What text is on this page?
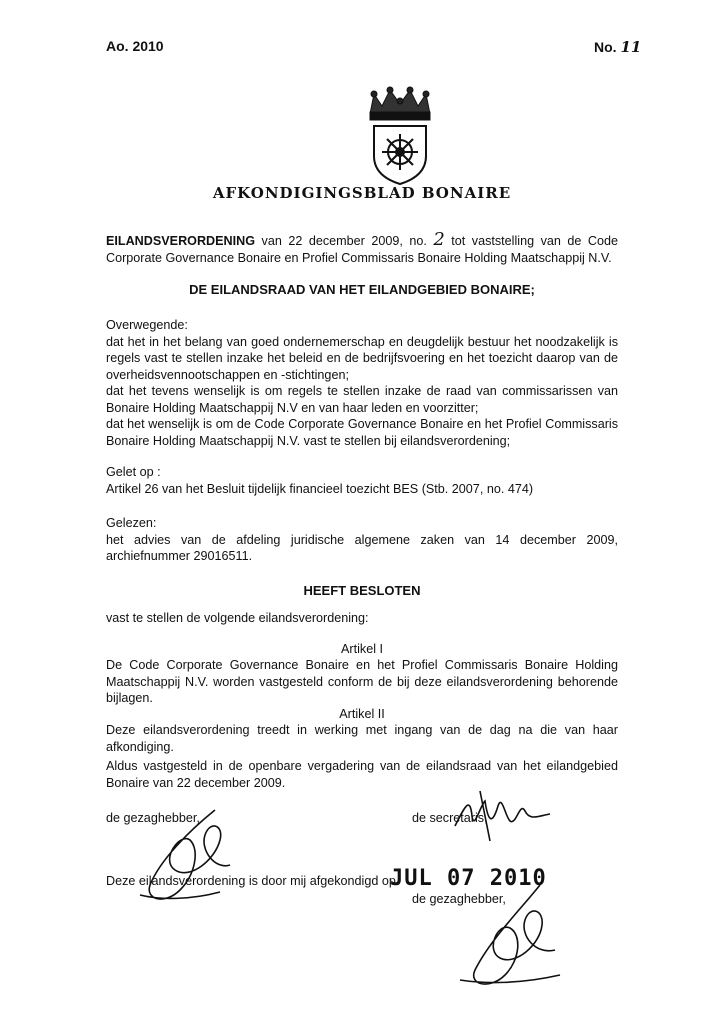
Ao. 2010	No. 11
AFKONDIGINGSBLAD BONAIRE
EILANDSVERORDENING van 22 december 2009, no. 2 tot vaststelling van de Code Corporate Governance Bonaire en Profiel Commissaris Bonaire Holding Maatschappij N.V.
DE EILANDSRAAD VAN HET EILANDGEBIED BONAIRE;
Overwegende:
dat het in het belang van goed ondernemerschap en deugdelijk bestuur het noodzakelijk is regels vast te stellen inzake het beleid en de bedrijfsvoering en het toezicht daarop van de overheidsvennootschappen en -stichtingen;
dat het tevens wenselijk is om regels te stellen inzake de raad van commissarissen van Bonaire Holding Maatschappij N.V en van haar leden en voorzitter;
dat het wenselijk is om de Code Corporate Governance Bonaire en het Profiel Commissaris Bonaire Holding Maatschappij N.V. vast te stellen bij eilandsverordening;
Gelet op :
Artikel 26 van het Besluit tijdelijk financieel toezicht BES (Stb. 2007, no. 474)
Gelezen:
het advies van de afdeling juridische algemene zaken van 14 december 2009, archiefnummer 29016511.
HEEFT BESLOTEN
vast te stellen de volgende eilandsverordening:
Artikel I
De Code Corporate Governance Bonaire en het Profiel Commissaris Bonaire Holding Maatschappij N.V. worden vastgesteld conform de bij deze eilandsverordening behorende bijlagen.
Artikel II
Deze eilandsverordening treedt in werking met ingang van de dag na die van haar afkondiging.
Aldus vastgesteld in de openbare vergadering van de eilandsraad van het eilandgebied Bonaire van 22 december 2009.
de gezaghebber,	de secretaris,
Deze eilandsverordening is door mij afgekondigd op
JUL 07 2010
de gezaghebber,
